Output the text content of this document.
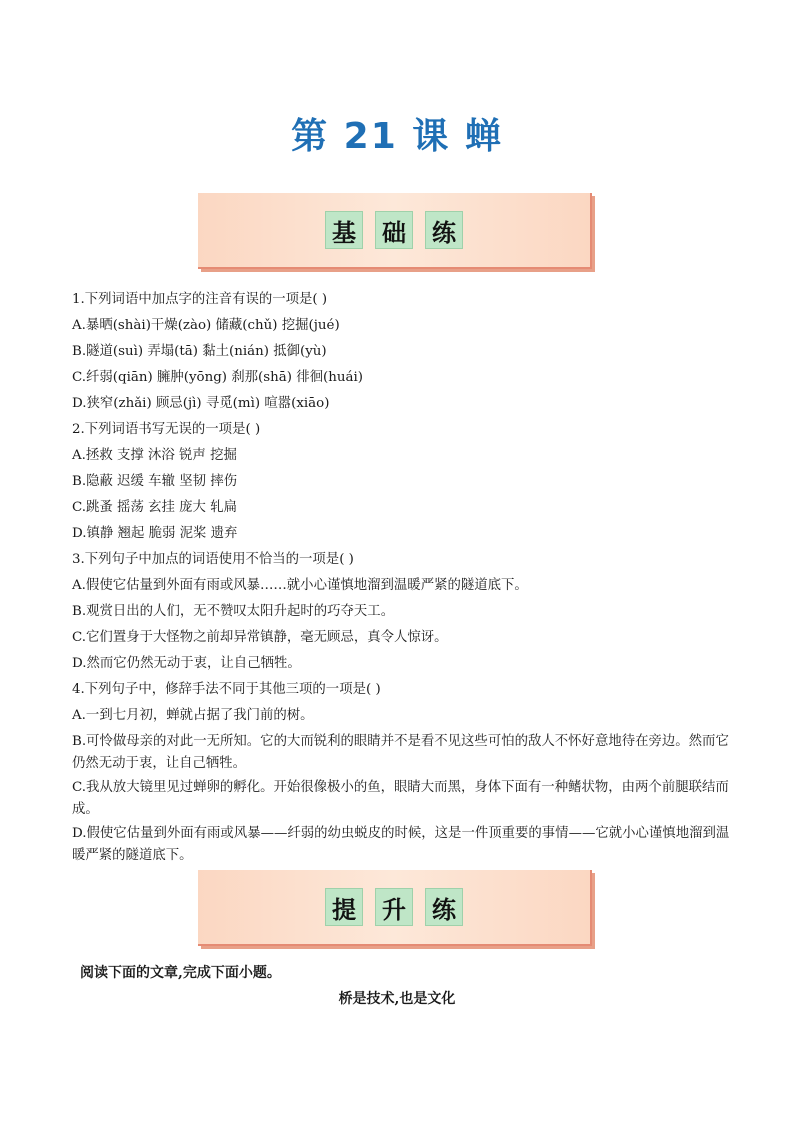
第 21 课 蝉
基 础 练
1.下列词语中加点字的注音有误的一项是( )
A.暴晒(shài)干燥(zào) 储藏(chǔ) 挖掘(jué)
B.隧道(suì) 弄塌(tā) 黏土(nián) 抵御(yù)
C.纤弱(qiān) 臃肿(yōng) 刹那(shā) 徘徊(huái)
D.狭窄(zhǎi) 顾忌(jì) 寻觅(mì) 喧嚣(xiāo)
2.下列词语书写无误的一项是( )
A.拯救 支撑 沐浴 锐声 挖掘
B.隐蔽 迟缓 车辙 坚韧 摔伤
C.跳蚤 摇荡 玄挂 庞大 轧扁
D.镇静 翘起 脆弱 泥桨 遗弃
3.下列句子中加点的词语使用不恰当的一项是( )
A.假使它估量到外面有雨或风暴……就小心谨慎地溜到温暖严紧的隧道底下。
B.观赏日出的人们，无不赞叹太阳升起时的巧夺天工。
C.它们置身于大怪物之前却异常镇静，毫无顾忌，真令人惊讶。
D.然而它仍然无动于衷，让自己牺牲。
4.下列句子中，修辞手法不同于其他三项的一项是( )
A.一到七月初，蝉就占据了我门前的树。
B.可怜做母亲的对此一无所知。它的大而锐利的眼睛并不是看不见这些可怕的敌人不怀好意地待在旁边。然而它仍然无动于衷，让自己牺牲。
C.我从放大镜里见过蝉卵的孵化。开始很像极小的鱼，眼睛大而黑，身体下面有一种鳍状物，由两个前腿联结而成。
D.假使它估量到外面有雨或风暴——纤弱的幼虫蜕皮的时候，这是一件顶重要的事情——它就小心谨慎地溜到温暖严紧的隧道底下。
提 升 练
阅读下面的文章,完成下面小题。
桥是技术,也是文化
